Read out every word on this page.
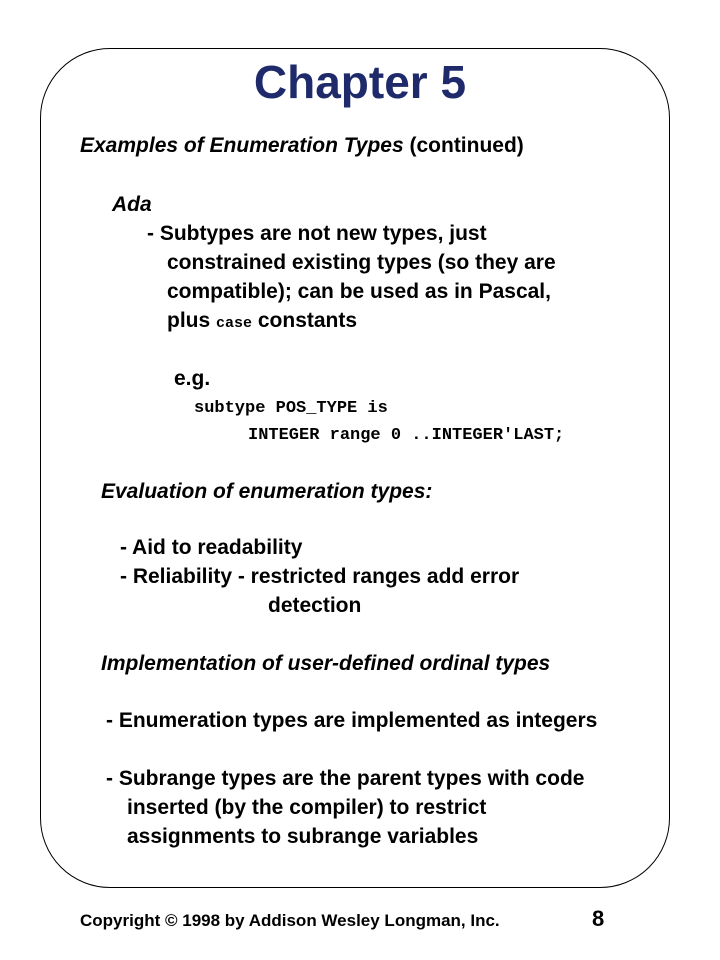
Chapter 5
Examples of Enumeration Types (continued)
Ada
- Subtypes are not new types, just
constrained existing types (so they are
compatible); can be used as in Pascal,
plus case constants
e.g.
subtype POS_TYPE is
INTEGER range 0 ..INTEGER'LAST;
Evaluation of enumeration types:
- Aid to readability
- Reliability - restricted ranges add error
detection
Implementation of user-defined ordinal types
- Enumeration types are implemented as integers
- Subrange types are the parent types with code
inserted (by the compiler) to restrict
assignments to subrange variables
Copyright © 1998 by Addison Wesley Longman, Inc.	8
